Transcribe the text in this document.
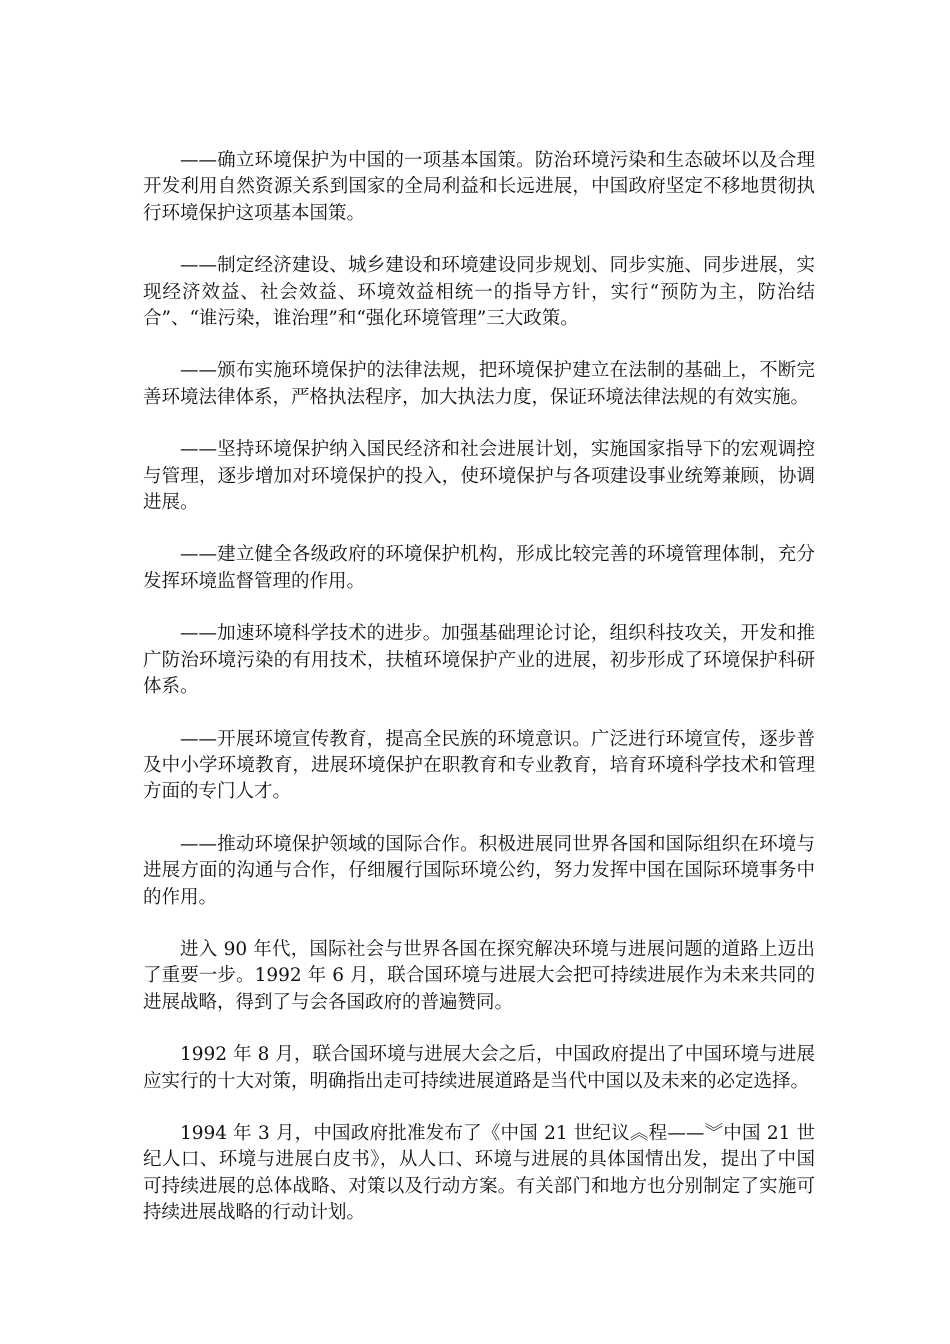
——确立环境保护为中国的一项基本国策。防治环境污染和生态破坏以及合理开发利用自然资源关系到国家的全局利益和长远进展，中国政府坚定不移地贯彻执行环境保护这项基本国策。

——制定经济建设、城乡建设和环境建设同步规划、同步实施、同步进展，实现经济效益、社会效益、环境效益相统一的指导方针，实行“预防为主，防治结合”、“谁污染，谁治理”和“强化环境管理”三大政策。

——颁布实施环境保护的法律法规，把环境保护建立在法制的基础上，不断完善环境法律体系，严格执法程序，加大执法力度，保证环境法律法规的有效实施。

——坚持环境保护纳入国民经济和社会进展计划，实施国家指导下的宏观调控与管理，逐步增加对环境保护的投入，使环境保护与各项建设事业统筹兼顾，协调进展。

——建立健全各级政府的环境保护机构，形成比较完善的环境管理体制，充分发挥环境监督管理的作用。

——加速环境科学技术的进步。加强基础理论讨论，组织科技攻关，开发和推广防治环境污染的有用技术，扶植环境保护产业的进展，初步形成了环境保护科研体系。

——开展环境宣传教育，提高全民族的环境意识。广泛进行环境宣传，逐步普及中小学环境教育，进展环境保护在职教育和专业教育，培育环境科学技术和管理方面的专门人才。

——推动环境保护领域的国际合作。积极进展同世界各国和国际组织在环境与进展方面的沟通与合作，仔细履行国际环境公约，努力发挥中国在国际环境事务中的作用。

进入 90 年代，国际社会与世界各国在探究解决环境与进展问题的道路上迈出了重要一步。1992 年 6 月，联合国环境与进展大会把可持续进展作为未来共同的进展战略，得到了与会各国政府的普遍赞同。

1992 年 8 月，联合国环境与进展大会之后，中国政府提出了中国环境与进展应实行的十大对策，明确指出走可持续进展道路是当代中国以及未来的必定选择。

1994 年 3 月，中国政府批准发布了《中国 21 世纪议︽程——︾中国 21 世纪人口、环境与进展白皮书》，从人口、环境与进展的具体国情出发，提出了中国可持续进展的总体战略、对策以及行动方案。有关部门和地方也分别制定了实施可持续进展战略的行动计划。
